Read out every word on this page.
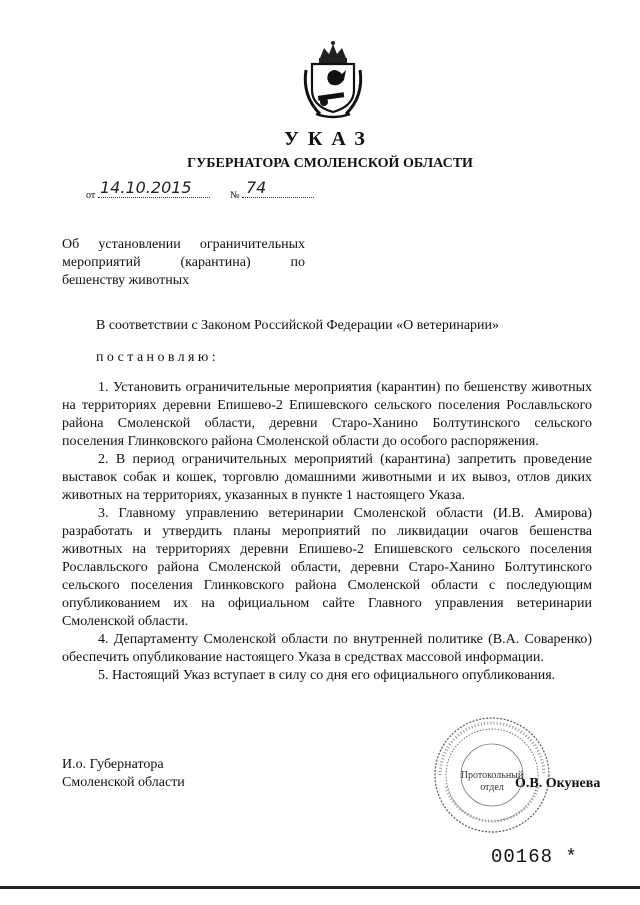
УКАЗ
ГУБЕРНАТОРА СМОЛЕНСКОЙ ОБЛАСТИ
от 14.10.2015	№ 74
Об установлении ограничительных
мероприятий (карантина) по
бешенству животных
В соответствии с Законом Российской Федерации «О ветеринарии»
постановляю:

1. Установить ограничительные мероприятия (карантин) по бешенству животных на территориях деревни Епишево-2 Епишевского сельского поселения Рославльского района Смоленской области, деревни Старо-Ханино Болтутинского сельского поселения Глинковского района Смоленской области до особого распоряжения.

2. В период ограничительных мероприятий (карантина) запретить проведение выставок собак и кошек, торговлю домашними животными и их вывоз, отлов диких животных на территориях, указанных в пункте 1 настоящего Указа.

3. Главному управлению ветеринарии Смоленской области (И.В. Амирова) разработать и утвердить планы мероприятий по ликвидации очагов бешенства животных на территориях деревни Епишево-2 Епишевского сельского поселения Рославльского района Смоленской области, деревни Старо-Ханино Болтутинского сельского поселения Глинковского района Смоленской области с последующим опубликованием их на официальном сайте Главного управления ветеринарии Смоленской области.

4. Департаменту Смоленской области по внутренней политике (В.А. Соваренко) обеспечить опубликование настоящего Указа в средствах массовой информации.

5. Настоящий Указ вступает в силу со дня его официального опубликования.

И.о. Губернатора
Смоленской области	Протокольный
отдел О.В. Окунева
00168 *
